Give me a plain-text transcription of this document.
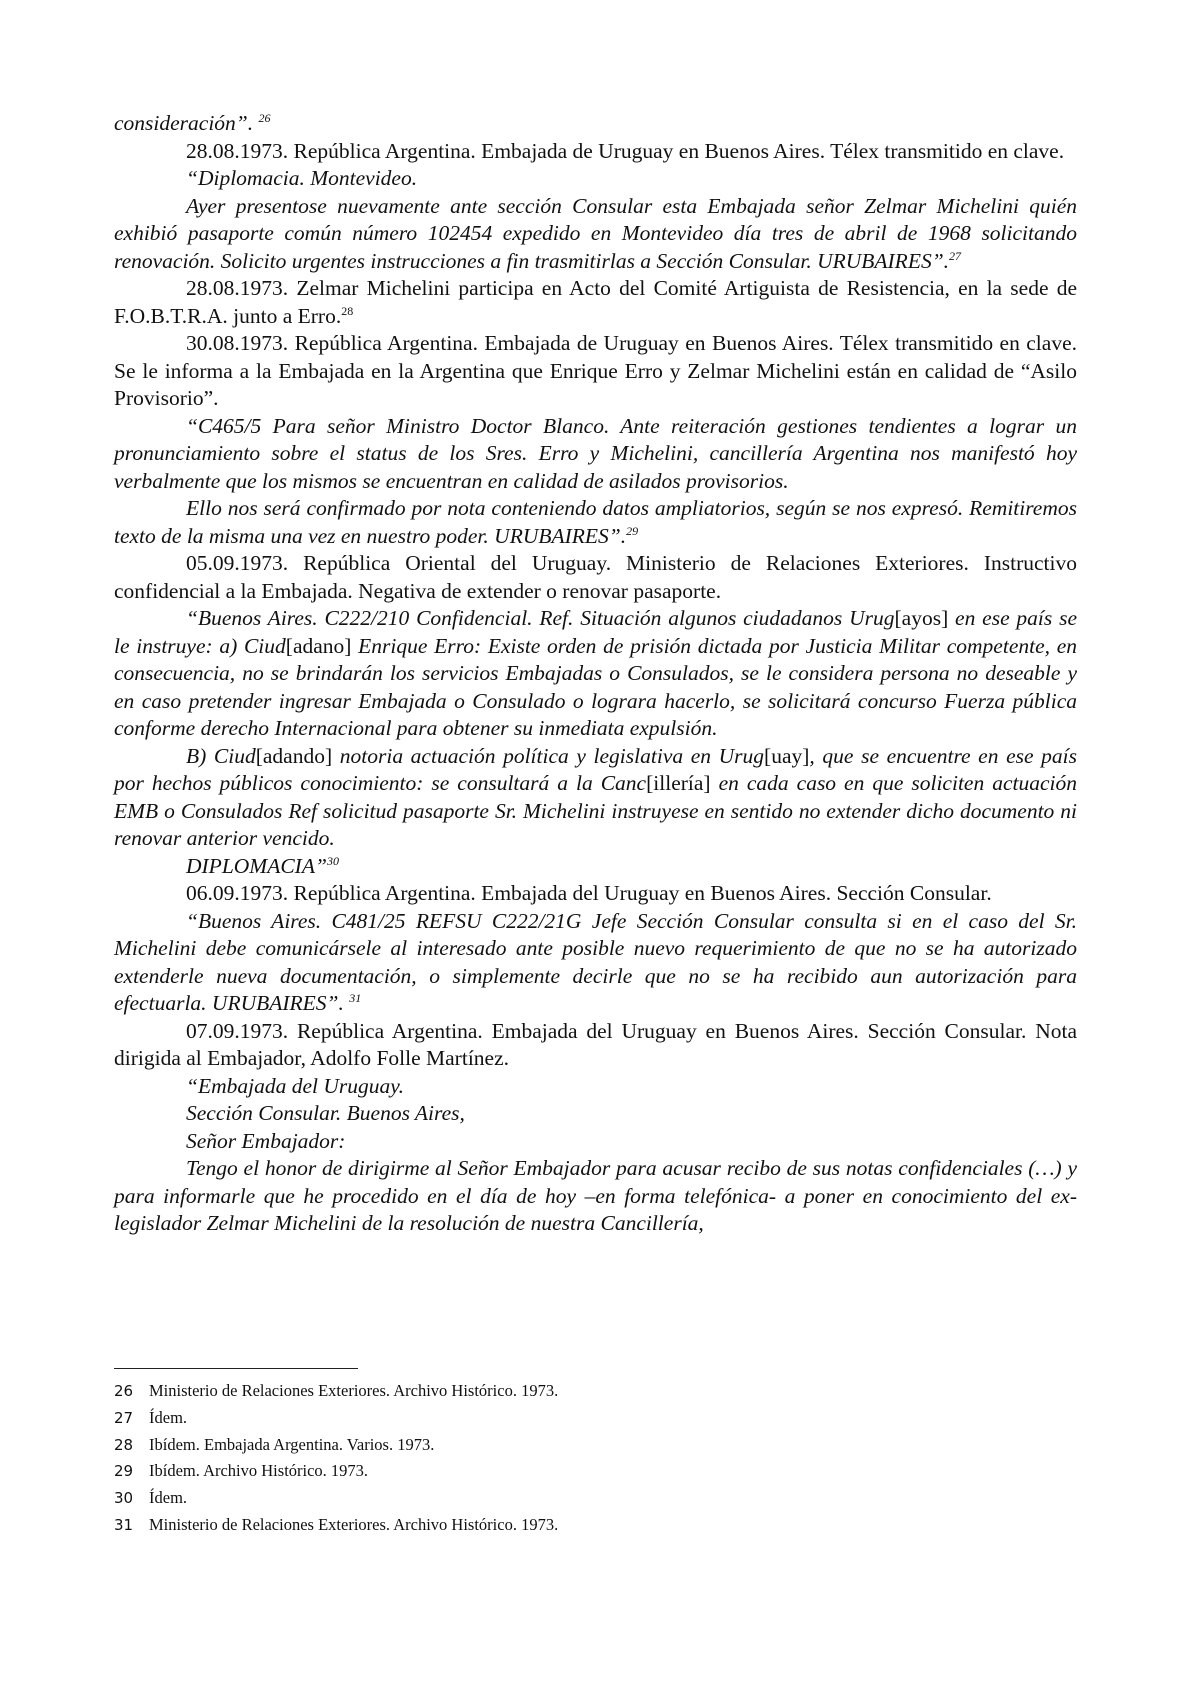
consideración”. $^{26}$

28.08.1973. República Argentina. Embajada de Uruguay en Buenos Aires. Télex transmitido en clave.

“Diplomacia. Montevideo.

Ayer presentose nuevamente ante sección Consular esta Embajada señor Zelmar Michelini quién exhibió pasaporte común número 102454 expedido en Montevideo día tres de abril de 1968 solicitando renovación. Solicito urgentes instrucciones a fin trasmitirlas a Sección Consular. URUBAIRES”.$^{27}$

28.08.1973. Zelmar Michelini participa en Acto del Comité Artiguista de Resistencia, en la sede de F.O.B.T.R.A. junto a Erro.$^{28}$

30.08.1973. República Argentina. Embajada de Uruguay en Buenos Aires. Télex transmitido en clave. Se le informa a la Embajada en la Argentina que Enrique Erro y Zelmar Michelini están en calidad de “Asilo Provisorio”.

“C465/5 Para señor Ministro Doctor Blanco. Ante reiteración gestiones tendientes a lograr un pronunciamiento sobre el status de los Sres. Erro y Michelini, cancillería Argentina nos manifestó hoy verbalmente que los mismos se encuentran en calidad de asilados provisorios.

Ello nos será confirmado por nota conteniendo datos ampliatorios, según se nos expresó. Remitiremos texto de la misma una vez en nuestro poder. URUBAIRES”.$^{29}$

05.09.1973. República Oriental del Uruguay. Ministerio de Relaciones Exteriores. Instructivo confidencial a la Embajada. Negativa de extender o renovar pasaporte.

“Buenos Aires. C222/210 Confidencial. Ref. Situación algunos ciudadanos Urug[ayos] en ese país se le instruye: a) Ciud[adano] Enrique Erro: Existe orden de prisión dictada por Justicia Militar competente, en consecuencia, no se brindarán los servicios Embajadas o Consulados, se le considera persona no deseable y en caso pretender ingresar Embajada o Consulado o lograra hacerlo, se solicitará concurso Fuerza pública conforme derecho Internacional para obtener su inmediata expulsión.

B) Ciud[adando] notoria actuación política y legislativa en Urug[uay], que se encuentre en ese país por hechos públicos conocimiento: se consultará a la Canc[illería] en cada caso en que soliciten actuación EMB o Consulados Ref solicitud pasaporte Sr. Michelini instruyese en sentido no extender dicho documento ni renovar anterior vencido.

DIPLOMACIA”$^{30}$

06.09.1973. República Argentina. Embajada del Uruguay en Buenos Aires. Sección Consular.

“Buenos Aires. C481/25 REFSU C222/21G Jefe Sección Consular consulta si en el caso del Sr. Michelini debe comunicársele al interesado ante posible nuevo requerimiento de que no se ha autorizado extenderle nueva documentación, o simplemente decirle que no se ha recibido aun autorización para efectuarla. URUBAIRES”. $^{31}$

07.09.1973. República Argentina. Embajada del Uruguay en Buenos Aires. Sección Consular. Nota dirigida al Embajador, Adolfo Folle Martínez.

“Embajada del Uruguay.

Sección Consular. Buenos Aires,

Señor Embajador:

Tengo el honor de dirigirme al Señor Embajador para acusar recibo de sus notas confidenciales (…) y para informarle que he procedido en el día de hoy –en forma telefónica- a poner en conocimiento del ex- legislador Zelmar Michelini de la resolución de nuestra Cancillería,

26 Ministerio de Relaciones Exteriores. Archivo Histórico. 1973.
27 Ídem.
28 Ibídem. Embajada Argentina. Varios. 1973.
29 Ibídem. Archivo Histórico. 1973.
30 Ídem.
31 Ministerio de Relaciones Exteriores. Archivo Histórico. 1973.
